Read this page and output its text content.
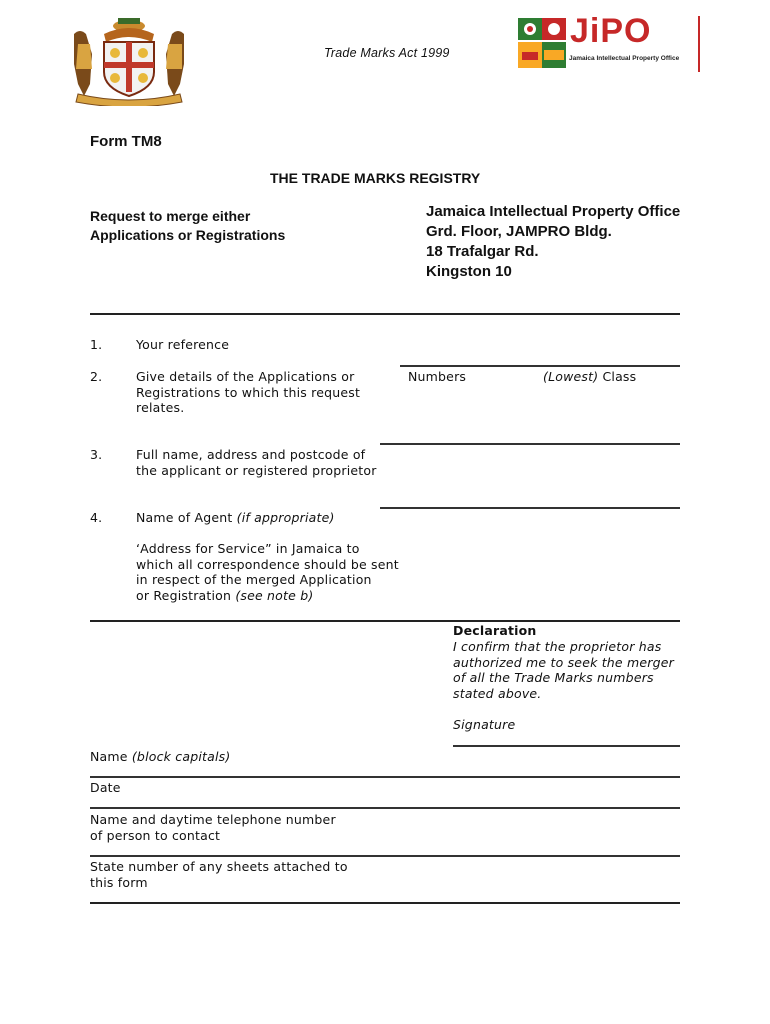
Trade Marks Act 1999
JiPO
Jamaica Intellectual Property Office
Form TM8
THE TRADE MARKS REGISTRY
Request to merge either
Applications or Registrations
Jamaica Intellectual Property Office
Grd. Floor, JAMPRO Bldg.
18 Trafalgar Rd.
Kingston 10
1.	Your reference
2.	Give details of the Applications or
Registrations to which this request
relates.
Numbers	(Lowest) Class
3.	Full name, address and postcode of
the applicant or registered proprietor
4.	Name of Agent (if appropriate)
‘Address for Service” in Jamaica to
which all correspondence should be sent
in respect of the merged Application
or Registration (see note b)
Declaration
I confirm that the proprietor has
authorized me to seek the merger
of all the Trade Marks numbers
stated above.
Signature
Name (block capitals)
Date
Name and daytime telephone number
of person to contact
State number of any sheets attached to
this form
